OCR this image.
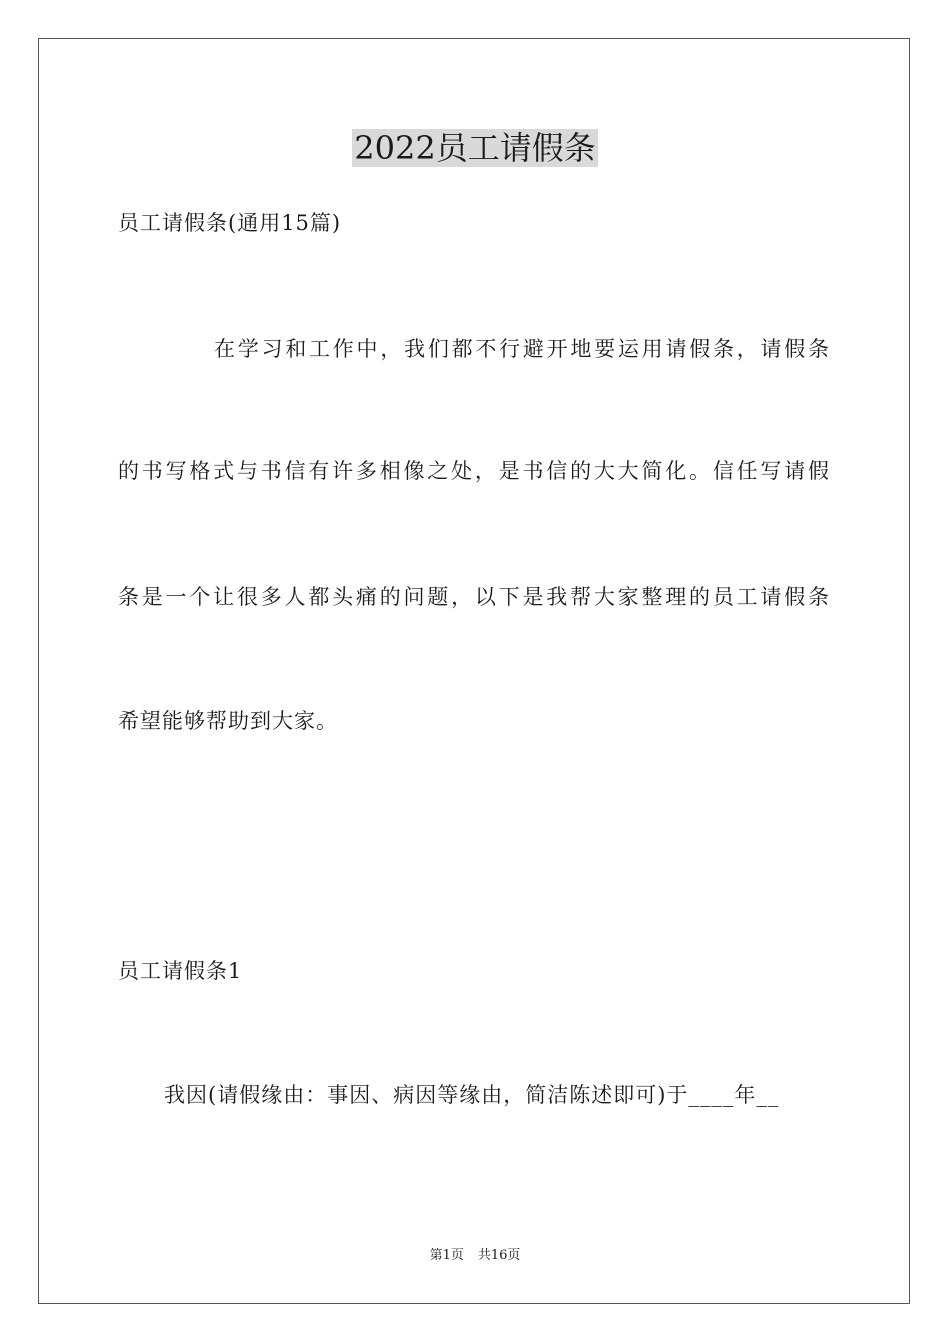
2022员工请假条
员工请假条(通用15篇)
在学习和工作中，我们都不行避开地要运用请假条，请假条
的书写格式与书信有许多相像之处，是书信的大大简化。信任写请假
条是一个让很多人都头痛的问题，以下是我帮大家整理的员工请假条
希望能够帮助到大家。
员工请假条1
我因(请假缘由：事因、病因等缘由，简洁陈述即可)于____年__
第1页 共16页
